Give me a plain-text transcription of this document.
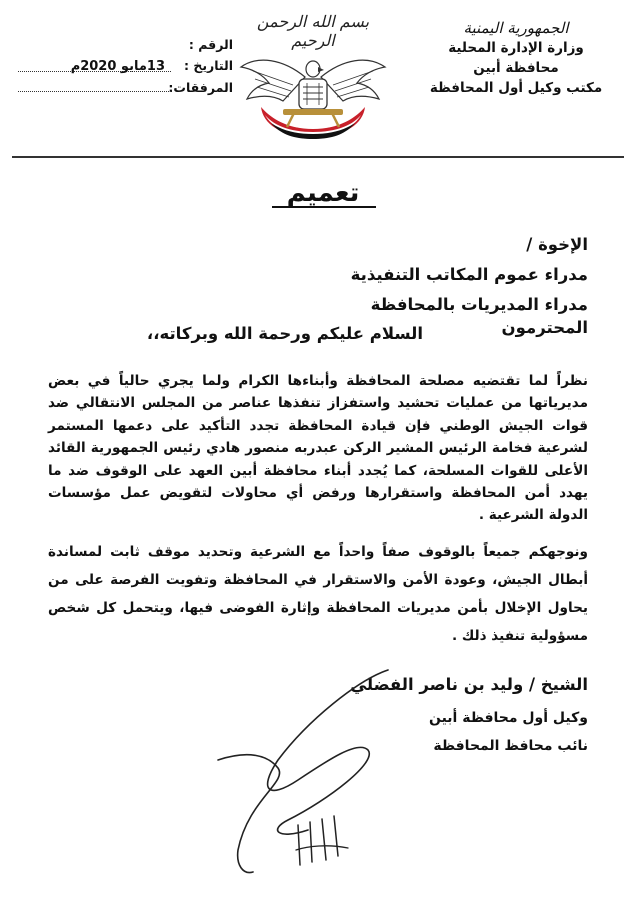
الجمهورية اليمنية
وزارة الإدارة المحلية
محافظة أبين
مكتب وكيل أول المحافظة
بسم الله الرحمن الرحيم
الرقم :
التاريخ :
13مايو 2020م
المرفقات:
تعميم
الإخوة /
مدراء عموم المكاتب التنفيذية
مدراء المديريات بالمحافظة
المحترمون
السلام عليكم ورحمة الله وبركاته،،
نظراً لما تقتضيه مصلحة المحافظة وأبناءها الكرام ولما يجري حالياً في بعض مديرياتها من عمليات تحشيد واستفزاز تنفذها عناصر من المجلس الانتقالي ضد قوات الجيش الوطني فإن قيادة المحافظة تجدد التأكيد على دعمها المستمر لشرعية فخامة الرئيس المشير الركن عبدربه منصور هادي رئيس الجمهورية القائد الأعلى للقوات المسلحة، كما يُجدد أبناء محافظة أبين العهد على الوقوف ضد ما يهدد أمن المحافظة واستقرارها ورفض أي محاولات لتقويض عمل مؤسسات الدولة الشرعية .
ونوجهكم جميعاً بالوقوف صفاً واحداً مع الشرعية وتحديد موقف ثابت لمساندة أبطال الجيش، وعودة الأمن والاستقرار في المحافظة وتفويت الفرصة على من يحاول الإخلال بأمن مديريات المحافظة وإثارة الفوضى فيها، ويتحمل كل شخص مسؤولية تنفيذ ذلك .
الشيخ / وليد بن ناصر الفضلي
وكيل أول محافظة أبين
نائب محافظ المحافظة
